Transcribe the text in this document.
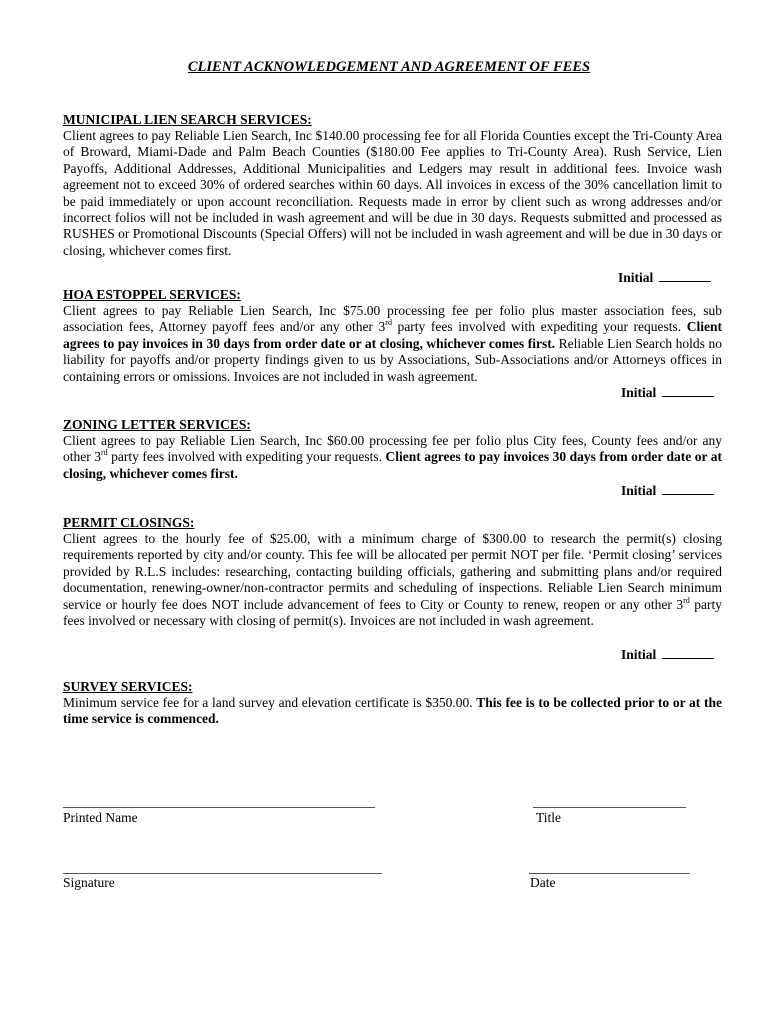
CLIENT ACKNOWLEDGEMENT AND AGREEMENT OF FEES
MUNICIPAL LIEN SEARCH SERVICES:
Client agrees to pay Reliable Lien Search, Inc $140.00 processing fee for all Florida Counties except the Tri-County Area of Broward, Miami-Dade and Palm Beach Counties ($180.00 Fee applies to Tri-County Area). Rush Service, Lien Payoffs, Additional Addresses, Additional Municipalities and Ledgers may result in additional fees. Invoice wash agreement not to exceed 30% of ordered searches within 60 days. All invoices in excess of the 30% cancellation limit to be paid immediately or upon account reconciliation. Requests made in error by client such as wrong addresses and/or incorrect folios will not be included in wash agreement and will be due in 30 days. Requests submitted and processed as RUSHES or Promotional Discounts (Special Offers) will not be included in wash agreement and will be due in 30 days or closing, whichever comes first.
Initial
HOA ESTOPPEL SERVICES:
Client agrees to pay Reliable Lien Search, Inc $75.00 processing fee per folio plus master association fees, sub association fees, Attorney payoff fees and/or any other 3rd party fees involved with expediting your requests. Client agrees to pay invoices in 30 days from order date or at closing, whichever comes first. Reliable Lien Search holds no liability for payoffs and/or property findings given to us by Associations, Sub-Associations and/or Attorneys offices in containing errors or omissions. Invoices are not included in wash agreement.
Initial
ZONING LETTER SERVICES:
Client agrees to pay Reliable Lien Search, Inc $60.00 processing fee per folio plus City fees, County fees and/or any other 3rd party fees involved with expediting your requests. Client agrees to pay invoices 30 days from order date or at closing, whichever comes first.
Initial
PERMIT CLOSINGS:
Client agrees to the hourly fee of $25.00, with a minimum charge of $300.00 to research the permit(s) closing requirements reported by city and/or county. This fee will be allocated per permit NOT per file. ‘Permit closing’ services provided by R.L.S includes: researching, contacting building officials, gathering and submitting plans and/or required documentation, renewing-owner/non-contractor permits and scheduling of inspections. Reliable Lien Search minimum service or hourly fee does NOT include advancement of fees to City or County to renew, reopen or any other 3rd party fees involved or necessary with closing of permit(s). Invoices are not included in wash agreement.
Initial
SURVEY SERVICES:
Minimum service fee for a land survey and elevation certificate is $350.00. This fee is to be collected prior to or at the time service is commenced.
Printed Name	Title
Signature	Date
